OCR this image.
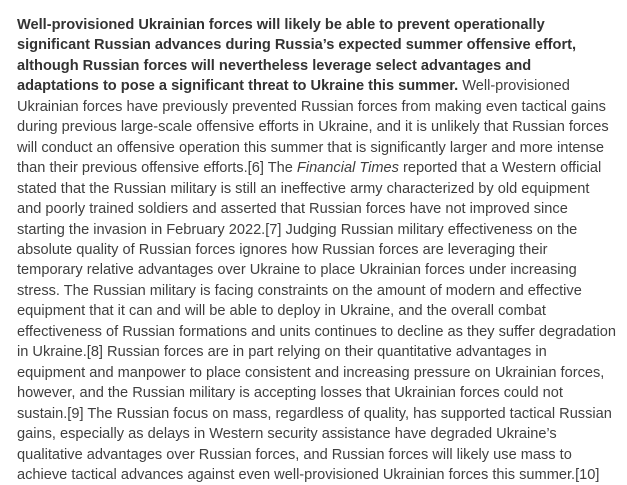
Well-provisioned Ukrainian forces will likely be able to prevent operationally significant Russian advances during Russia’s expected summer offensive effort, although Russian forces will nevertheless leverage select advantages and adaptations to pose a significant threat to Ukraine this summer. Well-provisioned Ukrainian forces have previously prevented Russian forces from making even tactical gains during previous large-scale offensive efforts in Ukraine, and it is unlikely that Russian forces will conduct an offensive operation this summer that is significantly larger and more intense than their previous offensive efforts.[6] The Financial Times reported that a Western official stated that the Russian military is still an ineffective army characterized by old equipment and poorly trained soldiers and asserted that Russian forces have not improved since starting the invasion in February 2022.[7] Judging Russian military effectiveness on the absolute quality of Russian forces ignores how Russian forces are leveraging their temporary relative advantages over Ukraine to place Ukrainian forces under increasing stress. The Russian military is facing constraints on the amount of modern and effective equipment that it can and will be able to deploy in Ukraine, and the overall combat effectiveness of Russian formations and units continues to decline as they suffer degradation in Ukraine.[8] Russian forces are in part relying on their quantitative advantages in equipment and manpower to place consistent and increasing pressure on Ukrainian forces, however, and the Russian military is accepting losses that Ukrainian forces could not sustain.[9] The Russian focus on mass, regardless of quality, has supported tactical Russian gains, especially as delays in Western security assistance have degraded Ukraine’s qualitative advantages over Russian forces, and Russian forces will likely use mass to achieve tactical advances against even well-provisioned Ukrainian forces this summer.[10]
